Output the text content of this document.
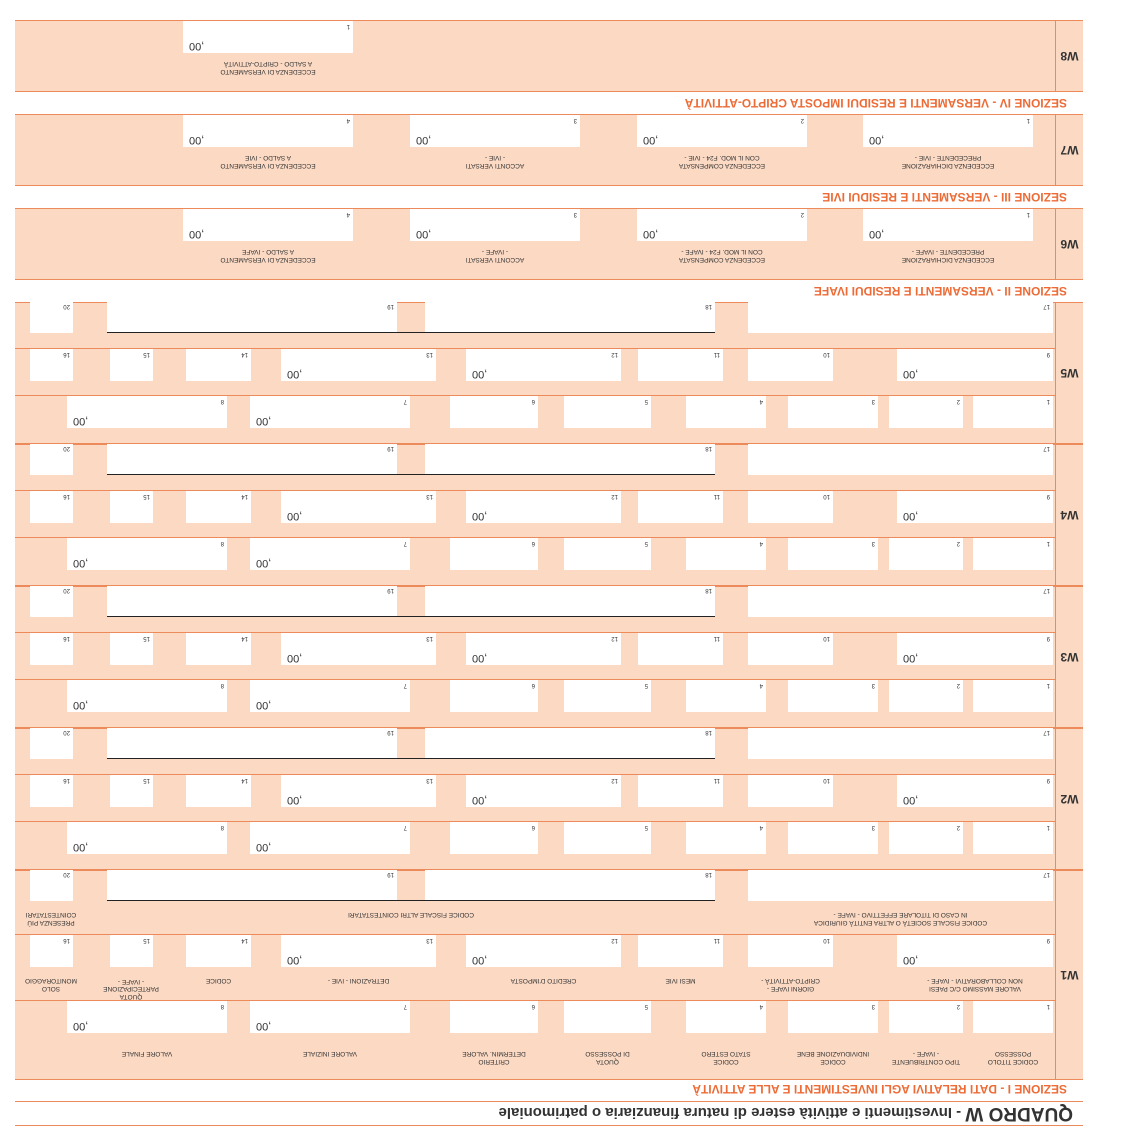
QUADRO W - Investimenti e attività estere di natura finanziaria o patrimoniale
SEZIONE I - DATI RELATIVI AGLI INVESTIMENTI E ALLE ATTIVITÀ
W1
1
2
3
4
5
6
7
,00
8
,00
CODICE TITOLO
POSSESSO
TIPO CONTRIBUENTE
- IVAFE -
CODICE
INDIVIDUAZIONE BENE
CODICE
STATO ESTERO
QUOTA
DI POSSESSO
CRITERIO
DETERMIN. VALORE
VALORE INIZIALE
VALORE FINALE
9
,00
10
11
12
,00
13
,00
14
15
16
VALORE MASSIMO C/C PAESI
NON COLLABORATIVI - IVAFE -
GIORNI IVAFE -
CRIPTO-ATTIVITÀ -
MESI IVIE
CREDITO D'IMPOSTA
DETRAZIONI - IVIE -
CODICE
QUOTA
PARTECIPAZIONE
- IVAFE -
SOLO
MONITORAGGIO
17
18
19
20
CODICE FISCALE SOCIETÀ O ALTRA ENTITÀ GIURIDICA
IN CASO DI TITOLARE EFFETTIVO - IVAFE -
CODICE FISCALE ALTRI COINTESTATARI
PRESENZA PIÙ
COINTESTATARI
W2
1
2
3
4
5
6
7
,00
8
,00
9
,00
10
11
12
,00
13
,00
14
15
16
17
18
19
20
W3
1
2
3
4
5
6
7
,00
8
,00
9
,00
10
11
12
,00
13
,00
14
15
16
17
18
19
20
W4
1
2
3
4
5
6
7
,00
8
,00
9
,00
10
11
12
,00
13
,00
14
15
16
17
18
19
20
W5
1
2
3
4
5
6
7
,00
8
,00
9
,00
10
11
12
,00
13
,00
14
15
16
17
18
19
20
SEZIONE II - VERSAMENTI E RESIDUI IVAFE
W6
1
,00
2
,00
3
,00
4
,00
ECCEDENZA DICHIARAZIONE
PRECEDENTE - IVAFE -
ECCEDENZA COMPENSATA
CON IL MOD. F24 - IVAFE -
ACCONTI VERSATI
- IVAFE -
ECCEDENZA DI VERSAMENTO
A SALDO - IVAFE
SEZIONE III - VERSAMENTI E RESIDUI IVIE
W7
1
,00
2
,00
3
,00
4
,00
ECCEDENZA DICHIARAZIONE
PRECEDENTE - IVIE -
ECCEDENZA COMPENSATA
CON IL MOD. F24 - IVIE -
ACCONTI VERSATI
- IVIE -
ECCEDENZA DI VERSAMENTO
A SALDO - IVIE
SEZIONE IV - VERSAMENTI E RESIDUI IMPOSTA CRIPTO-ATTIVITÀ
W8
1
,00
ECCEDENZA DI VERSAMENTO
A SALDO - CRIPTO-ATTIVITÀ
